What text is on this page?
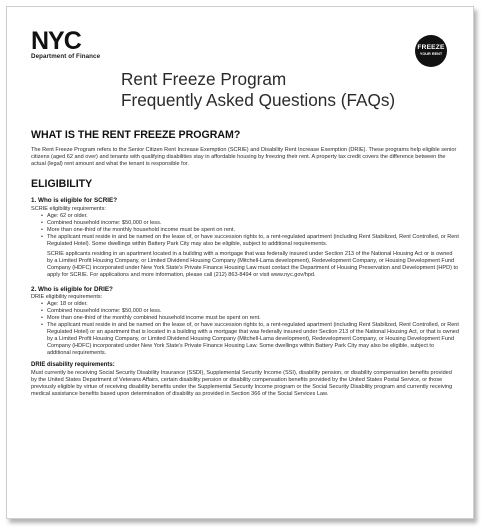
NYC
Department of Finance
FREEZE
YOUR RENT
Rent Freeze Program
Frequently Asked Questions (FAQs)
WHAT IS THE RENT FREEZE PROGRAM?

The Rent Freeze Program refers to the Senior Citizen Rent Increase Exemption (SCRIE) and Disability Rent Increase Exemption (DRIE). These programs help eligible senior citizens (aged 62 and over) and tenants with qualifying disabilities stay in affordable housing by freezing their rent. A property tax credit covers the difference between the actual (legal) rent amount and what the tenant is responsible for.

ELIGIBILITY
1. Who is eligible for SCRIE?

SCRIE eligibility requirements:

• Age: 62 or older.
• Combined household income: $50,000 or less.
• More than one-third of the monthly household income must be spent on rent.
• The applicant must reside in and be named on the lease of, or have succession rights to, a rent-regulated apartment (including Rent Stabilized, Rent Controlled, or Rent Regulated Hotel). Some dwellings within Battery Park City may also be eligible, subject to additional requirements.

SCRIE applicants residing in an apartment located in a building with a mortgage that was federally insured under Section 213 of the National Housing Act or is owned by a Limited Profit Housing Company, or Limited Dividend Housing Company (Mitchell-Lama development), Redevelopment Company, or Housing Development Fund Company (HDFC) incorporated under New York State's Private Finance Housing Law must contact the Department of Housing Preservation and Development (HPD) to apply for SCRIE. For applications and more information, please call (212) 863-8494 or visit www.nyc.gov/hpd.

2. Who is eligible for DRIE?

DRIE eligibility requirements:

• Age: 18 or older.
• Combined household income: $50,000 or less.
• More than one-third of the monthly combined household income must be spent on rent.
• The applicant must reside in and be named on the lease of, or have succession rights to, a rent-regulated apartment (including Rent Stabilized, Rent Controlled, or Rent Regulated Hotel) or an apartment that is located in a building with a mortgage that was federally insured under Section 213 of the National Housing Act, or that is owned by a Limited Profit Housing Company, or Limited Dividend Housing Company (Mitchell-Lama development), Redevelopment Company, or Housing Development Fund Company (HDFC) incorporated under New York State's Private Finance Housing Law. Some dwellings within Battery Park City may also be eligible, subject to additional requirements.
DRIE disability requirements:

Must currently be receiving Social Security Disability Insurance (SSDI), Supplemental Security Income (SSI), disability pension, or disability compensation benefits provided by the United States Department of Veterans Affairs, certain disability pension or disability compensation benefits provided by the United States Postal Service, or those previously eligible by virtue of receiving disability benefits under the Supplemental Security Income program or the Social Security Disability program and currently receiving medical assistance benefits based upon determination of disability as provided in Section 366 of the Social Services Law.
